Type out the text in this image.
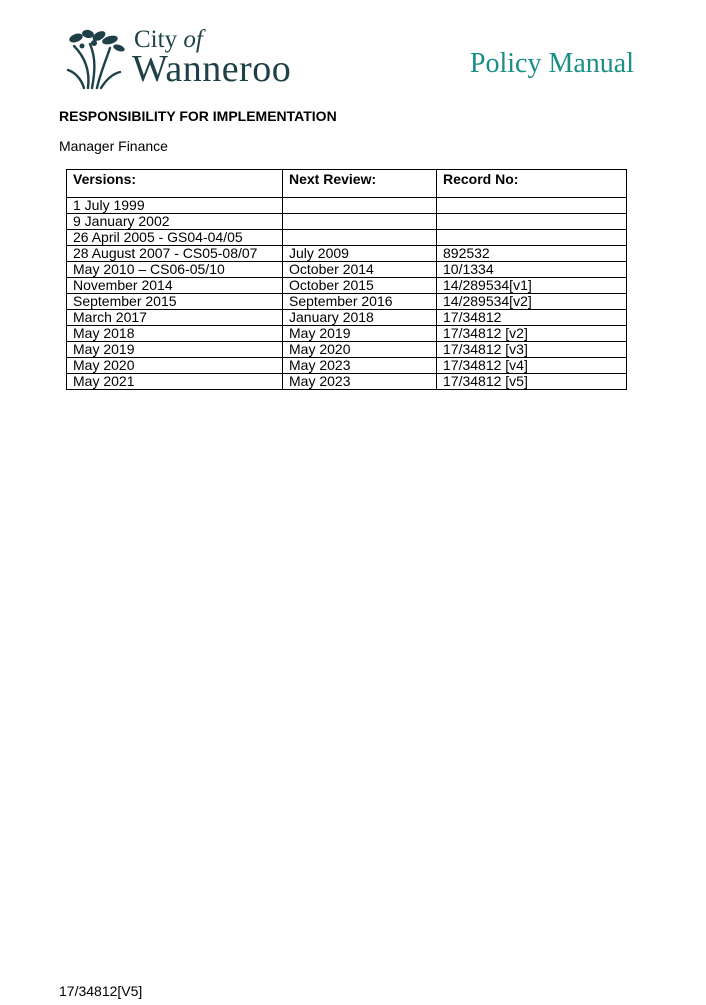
City of
Wanneroo	Policy Manual
RESPONSIBILITY FOR IMPLEMENTATION
Manager Finance
Versions:	Next Review:	Record No:
1 July 1999		
9 January 2002		
26 April 2005 - GS04-04/05		
28 August 2007 - CS05-08/07	July 2009	892532
May 2010 – CS06-05/10	October 2014	10/1334
November 2014	October 2015	14/289534[v1]
September 2015	September 2016	14/289534[v2]
March 2017	January 2018	17/34812
May 2018	May 2019	17/34812 [v2]
May 2019	May 2020	17/34812 [v3]
May 2020	May 2023	17/34812 [v4]
May 2021	May 2023	17/34812 [v5]
17/34812[V5]
